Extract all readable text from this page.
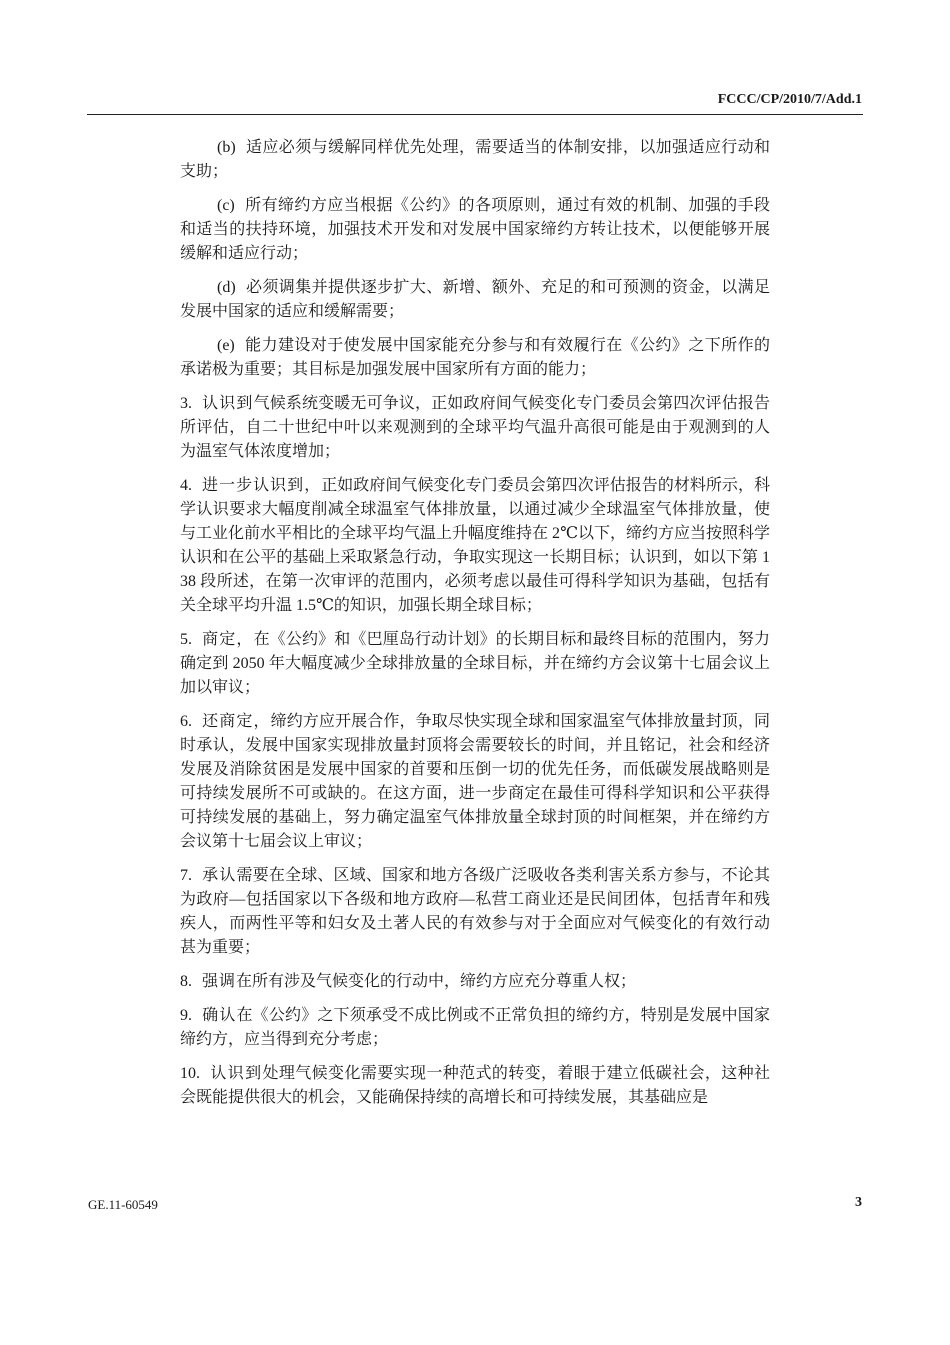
FCCC/CP/2010/7/Add.1

(b) 适应必须与缓解同样优先处理，需要适当的体制安排，以加强适应行动和支助；

(c) 所有缔约方应当根据《公约》的各项原则，通过有效的机制、加强的手段和适当的扶持环境，加强技术开发和对发展中国家缔约方转让技术，以便能够开展缓解和适应行动；

(d) 必须调集并提供逐步扩大、新增、额外、充足的和可预测的资金，以满足发展中国家的适应和缓解需要；

(e) 能力建设对于使发展中国家能充分参与和有效履行在《公约》之下所作的承诺极为重要；其目标是加强发展中国家所有方面的能力；

3. 认识到气候系统变暖无可争议，正如政府间气候变化专门委员会第四次评估报告所评估，自二十世纪中叶以来观测到的全球平均气温升高很可能是由于观测到的人为温室气体浓度增加；

4. 进一步认识到，正如政府间气候变化专门委员会第四次评估报告的材料所示，科学认识要求大幅度削减全球温室气体排放量，以通过减少全球温室气体排放量，使与工业化前水平相比的全球平均气温上升幅度维持在 2℃以下，缔约方应当按照科学认识和在公平的基础上采取紧急行动，争取实现这一长期目标；认识到，如以下第 138 段所述，在第一次审评的范围内，必须考虑以最佳可得科学知识为基础，包括有关全球平均升温 1.5℃的知识，加强长期全球目标；

5. 商定，在《公约》和《巴厘岛行动计划》的长期目标和最终目标的范围内，努力确定到 2050 年大幅度减少全球排放量的全球目标，并在缔约方会议第十七届会议上加以审议；

6. 还商定，缔约方应开展合作，争取尽快实现全球和国家温室气体排放量封顶，同时承认，发展中国家实现排放量封顶将会需要较长的时间，并且铭记，社会和经济发展及消除贫困是发展中国家的首要和压倒一切的优先任务，而低碳发展战略则是可持续发展所不可或缺的。在这方面，进一步商定在最佳可得科学知识和公平获得可持续发展的基础上，努力确定温室气体排放量全球封顶的时间框架，并在缔约方会议第十七届会议上审议；

7. 承认需要在全球、区域、国家和地方各级广泛吸收各类利害关系方参与，不论其为政府—包括国家以下各级和地方政府—私营工商业还是民间团体，包括青年和残疾人，而两性平等和妇女及土著人民的有效参与对于全面应对气候变化的有效行动甚为重要；

8. 强调在所有涉及气候变化的行动中，缔约方应充分尊重人权；

9. 确认在《公约》之下须承受不成比例或不正常负担的缔约方，特别是发展中国家缔约方，应当得到充分考虑；

10. 认识到处理气候变化需要实现一种范式的转变，着眼于建立低碳社会，这种社会既能提供很大的机会，又能确保持续的高增长和可持续发展，其基础应是

GE.11-60549	3
